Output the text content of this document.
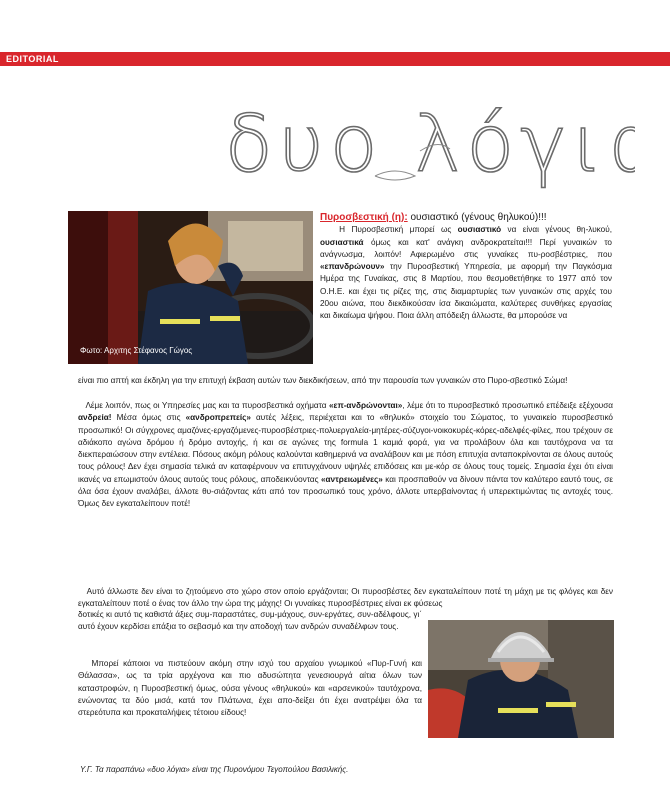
EDITORIAL
δυο λόγια
Φωτο: Αρχιτης Στέφανος Γώγος

Πυροσβεστική (η): ουσιαστικό (γένους θηλυκού)!!!
Η Πυροσβεστική μπορεί ως ουσιαστικό να είναι γένους θη-λυκού, ουσιαστικά όμως και κατ' ανάγκη ανδροκρατείται!!! Περί γυναικών το ανάγνωσμα, λοιπόν! Αφιερωμένο στις γυναίκες πυ-ροσβέστριες, που «επανδρώνουν» την Πυροσβεστική Υπηρεσία, με αφορμή την Παγκόσμια Ημέρα της Γυναίκας, στις 8 Μαρτίου, που θεσμοθετήθηκε το 1977 από τον Ο.Η.Ε. και έχει τις ρίζες της, στις διαμαρτυρίες των γυναικών στις αρχές του 20ου αιώνα, που διεκδικούσαν ίσα δικαιώματα, καλύτερες συνθήκες εργασίας και δικαίωμα ψήφου. Ποια άλλη απόδειξη άλλωστε, θα μπορούσε να

είναι πιο απτή και έκδηλη για την επιτυχή έκβαση αυτών των διεκδικήσεων, από την παρουσία των γυναικών στο Πυρο-σβεστικό Σώμα!

Λέμε λοιπόν, πως οι Υπηρεσίες μας και τα πυροσβεστικά οχήματα «επ-ανδρώνονται», λέμε ότι το πυροσβεστικό προσωπικό επέδειξε εξέχουσα ανδρεία! Μέσα όμως στις «ανδροπρεπείς» αυτές λέξεις, περιέχεται και το «θηλυκό» στοιχείο του Σώματος, το γυναικείο πυροσβεστικό προσωπικό! Οι σύγχρονες αμαζόνες-εργαζόμενες-πυροσβέστριες-πολυεργαλεία-μητέρες-σύζυγοι-νοικοκυρές-κόρες-αδελφές-φίλες, που τρέχουν σε αδιάκοπο αγώνα δρόμου ή δρόμο αντοχής, ή και σε αγώνες της formula 1 καμιά φορά, για να προλάβουν όλα και ταυτόχρονα να τα διεκπεραιώσουν στην εντέλεια. Πόσους ακόμη ρόλους καλούνται καθημερινά να αναλάβουν και με πόση επιτυχία ανταποκρίνονται σε όλους αυτούς τους ρόλους! Δεν έχει σημασία τελικά αν καταφέρνουν να επιτυγχάνουν υψηλές επιδόσεις και με-κόρ σε όλους τους τομείς. Σημασία έχει ότι είναι ικανές να επωμιστούν όλους αυτούς τους ρόλους, αποδεικνύοντας «αντρειωμένες» και προσπαθούν να δίνουν πάντα τον καλύτερο εαυτό τους, σε όλα όσα έχουν αναλάβει, άλλοτε θυ-σιάζοντας κάτι από τον προσωπικό τους χρόνο, άλλοτε υπερβαίνοντας ή υπερεκτιμώντας τις αντοχές τους. Όμως δεν εγκαταλείπουν ποτέ!

Αυτό άλλωστε δεν είναι το ζητούμενο στο χώρο στον οποίο εργάζονται; Οι πυροσβέστες δεν εγκαταλείπουν ποτέ τη μάχη με τις φλόγες και δεν εγκαταλείπουν ποτέ ο ένας τον άλλο την ώρα της μάχης! Οι γυναίκες πυροσβέστριες είναι εκ φύσεως

δοτικές κι αυτό τις καθιστά άξιες συμ-παραστάτες, συμ-μάχους, συν-εργάτες, συν-αδέλφους, γι΄ αυτό έχουν κερδίσει επάξια το σεβασμό και την αποδοχή των ανδρών συναδέλφων τους.

Μπορεί κάποιοι να πιστεύουν ακόμη στην ισχύ του αρχαίου γνωμικού «Πυρ-Γυνή και Θάλασσα», ως τα τρία αρχέγονα και πιο αδυσώπητα γενεσιουργά αίτια όλων των καταστροφών, η Πυροσβεστική όμως, ούσα γένους «θηλυκού» και «αρσενικού» ταυτόχρονα, ενώνοντας τα δύο μισά, κατά τον Πλάτωνα, έχει απο-δείξει ότι έχει ανατρέψει όλα τα στερεότυπα και προκαταλήψεις τέτοιου είδους!

Υ.Γ. Τα παραπάνω «δυο λόγια» είναι της Πυρονόμου Τεγοπούλου Βασιλικής.
